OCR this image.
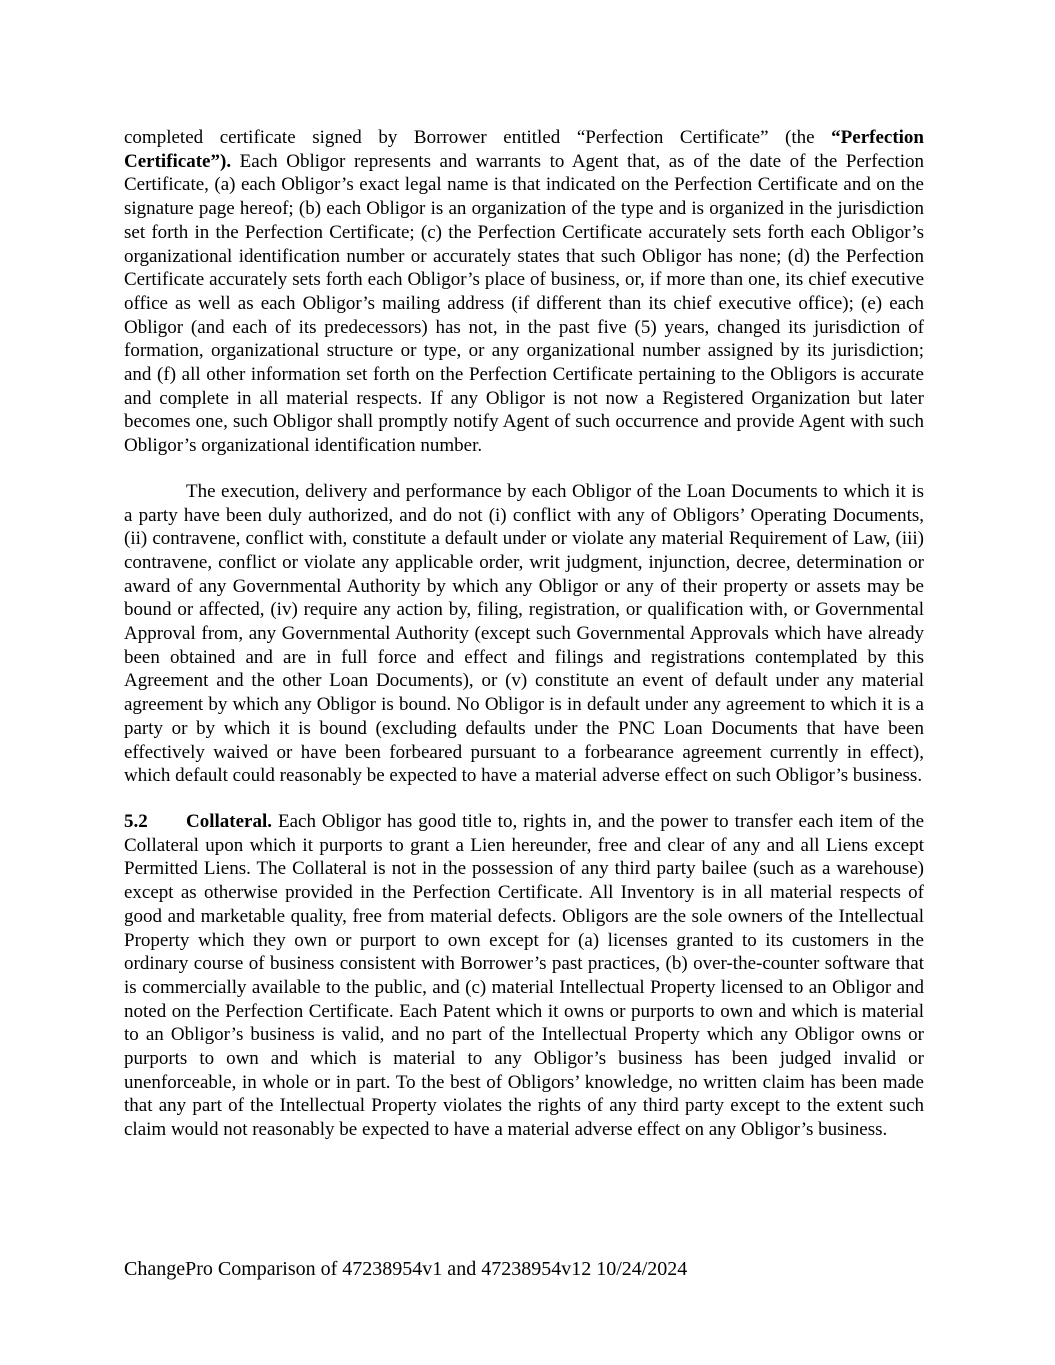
completed certificate signed by Borrower entitled “Perfection Certificate” (the “Perfection Certificate”). Each Obligor represents and warrants to Agent that, as of the date of the Perfection Certificate, (a) each Obligor’s exact legal name is that indicated on the Perfection Certificate and on the signature page hereof; (b) each Obligor is an organization of the type and is organized in the jurisdiction set forth in the Perfection Certificate; (c) the Perfection Certificate accurately sets forth each Obligor’s organizational identification number or accurately states that such Obligor has none; (d) the Perfection Certificate accurately sets forth each Obligor’s place of business, or, if more than one, its chief executive office as well as each Obligor’s mailing address (if different than its chief executive office); (e) each Obligor (and each of its predecessors) has not, in the past five (5) years, changed its jurisdiction of formation, organizational structure or type, or any organizational number assigned by its jurisdiction; and (f) all other information set forth on the Perfection Certificate pertaining to the Obligors is accurate and complete in all material respects. If any Obligor is not now a Registered Organization but later becomes one, such Obligor shall promptly notify Agent of such occurrence and provide Agent with such Obligor’s organizational identification number.

The execution, delivery and performance by each Obligor of the Loan Documents to which it is a party have been duly authorized, and do not (i) conflict with any of Obligors’ Operating Documents, (ii) contravene, conflict with, constitute a default under or violate any material Requirement of Law, (iii) contravene, conflict or violate any applicable order, writ judgment, injunction, decree, determination or award of any Governmental Authority by which any Obligor or any of their property or assets may be bound or affected, (iv) require any action by, filing, registration, or qualification with, or Governmental Approval from, any Governmental Authority (except such Governmental Approvals which have already been obtained and are in full force and effect and filings and registrations contemplated by this Agreement and the other Loan Documents), or (v) constitute an event of default under any material agreement by which any Obligor is bound. No Obligor is in default under any agreement to which it is a party or by which it is bound (excluding defaults under the PNC Loan Documents that have been effectively waived or have been forbeared pursuant to a forbearance agreement currently in effect), which default could reasonably be expected to have a material adverse effect on such Obligor’s business.

5.2 Collateral. Each Obligor has good title to, rights in, and the power to transfer each item of the Collateral upon which it purports to grant a Lien hereunder, free and clear of any and all Liens except Permitted Liens. The Collateral is not in the possession of any third party bailee (such as a warehouse) except as otherwise provided in the Perfection Certificate. All Inventory is in all material respects of good and marketable quality, free from material defects. Obligors are the sole owners of the Intellectual Property which they own or purport to own except for (a) licenses granted to its customers in the ordinary course of business consistent with Borrower’s past practices, (b) over-the-counter software that is commercially available to the public, and (c) material Intellectual Property licensed to an Obligor and noted on the Perfection Certificate. Each Patent which it owns or purports to own and which is material to an Obligor’s business is valid, and no part of the Intellectual Property which any Obligor owns or purports to own and which is material to any Obligor’s business has been judged invalid or unenforceable, in whole or in part. To the best of Obligors’ knowledge, no written claim has been made that any part of the Intellectual Property violates the rights of any third party except to the extent such claim would not reasonably be expected to have a material adverse effect on any Obligor’s business.

ChangePro Comparison of 47238954v1 and 47238954v12 10/24/2024
